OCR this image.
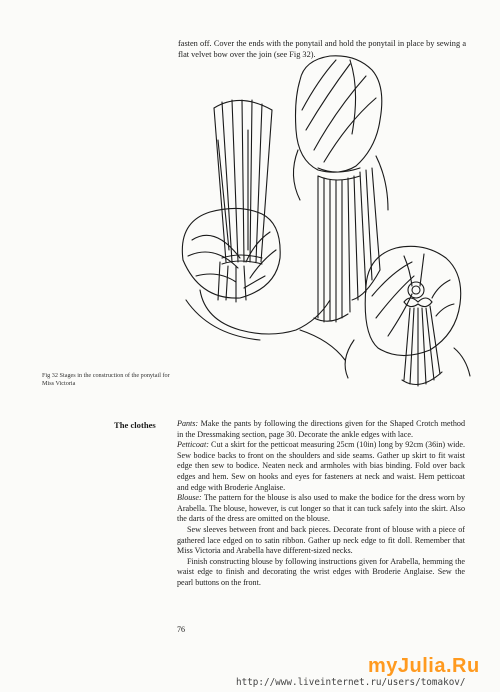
fasten off. Cover the ends with the ponytail and hold the ponytail in place by sewing a flat velvet bow over the join (see Fig 32).
Fig 32 Stages in the construction of the ponytail for Miss Victoria
The clothes	Pants: Make the pants by following the directions given for the Shaped Crotch method in the Dressmaking section, page 30. Decorate the ankle edges with lace.

Petticoat: Cut a skirt for the petticoat measuring 25cm (10in) long by 92cm (36in) wide. Sew bodice backs to front on the shoulders and side seams. Gather up skirt to fit waist edge then sew to bodice. Neaten neck and armholes with bias binding. Fold over back edges and hem. Sew on hooks and eyes for fasteners at neck and waist. Hem petticoat and edge with Broderie Anglaise.

Blouse: The pattern for the blouse is also used to make the bodice for the dress worn by Arabella. The blouse, however, is cut longer so that it can tuck safely into the skirt. Also the darts of the dress are omitted on the blouse.

Sew sleeves between front and back pieces. Decorate front of blouse with a piece of gathered lace edged on to satin ribbon. Gather up neck edge to fit doll. Remember that Miss Victoria and Arabella have different-sized necks.

Finish constructing blouse by following instructions given for Arabella, hemming the waist edge to finish and decorating the wrist edges with Broderie Anglaise. Sew the pearl buttons on the front.

76
myJulia.Ru
http://www.liveinternet.ru/users/tomakov/
